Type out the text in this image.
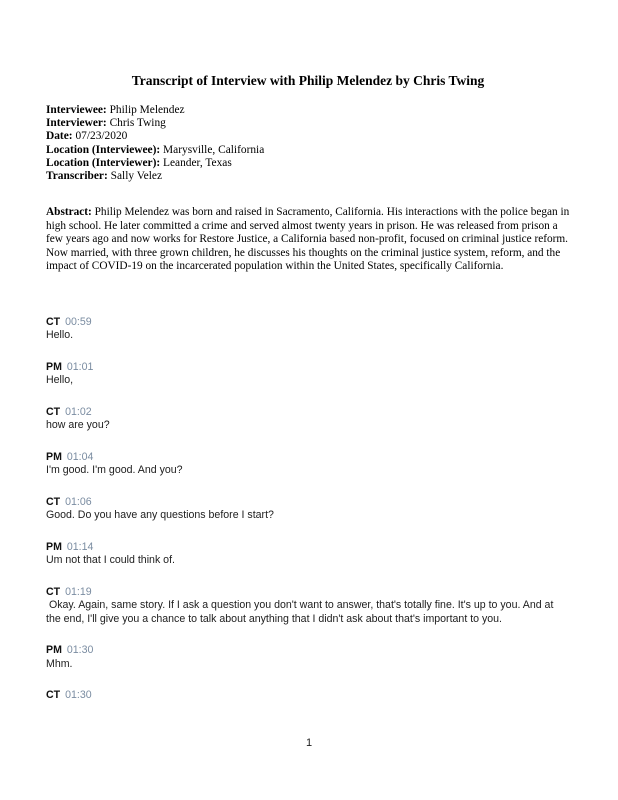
Transcript of Interview with Philip Melendez by Chris Twing
Interviewee: Philip Melendez
Interviewer: Chris Twing
Date: 07/23/2020
Location (Interviewee): Marysville, California
Location (Interviewer): Leander, Texas
Transcriber: Sally Velez
Abstract: Philip Melendez was born and raised in Sacramento, California. His interactions with the police began in high school. He later committed a crime and served almost twenty years in prison. He was released from prison a few years ago and now works for Restore Justice, a California based non-profit, focused on criminal justice reform. Now married, with three grown children, he discusses his thoughts on the criminal justice system, reform, and the impact of COVID-19 on the incarcerated population within the United States, specifically California.
CT 00:59
Hello.
PM 01:01
Hello,
CT 01:02
how are you?
PM 01:04
I'm good. I'm good. And you?
CT 01:06
Good. Do you have any questions before I start?
PM 01:14
Um not that I could think of.
CT 01:19
Okay. Again, same story. If I ask a question you don't want to answer, that's totally fine. It's up to you. And at the end, I'll give you a chance to talk about anything that I didn't ask about that's important to you.
PM 01:30
Mhm.
CT 01:30
1
